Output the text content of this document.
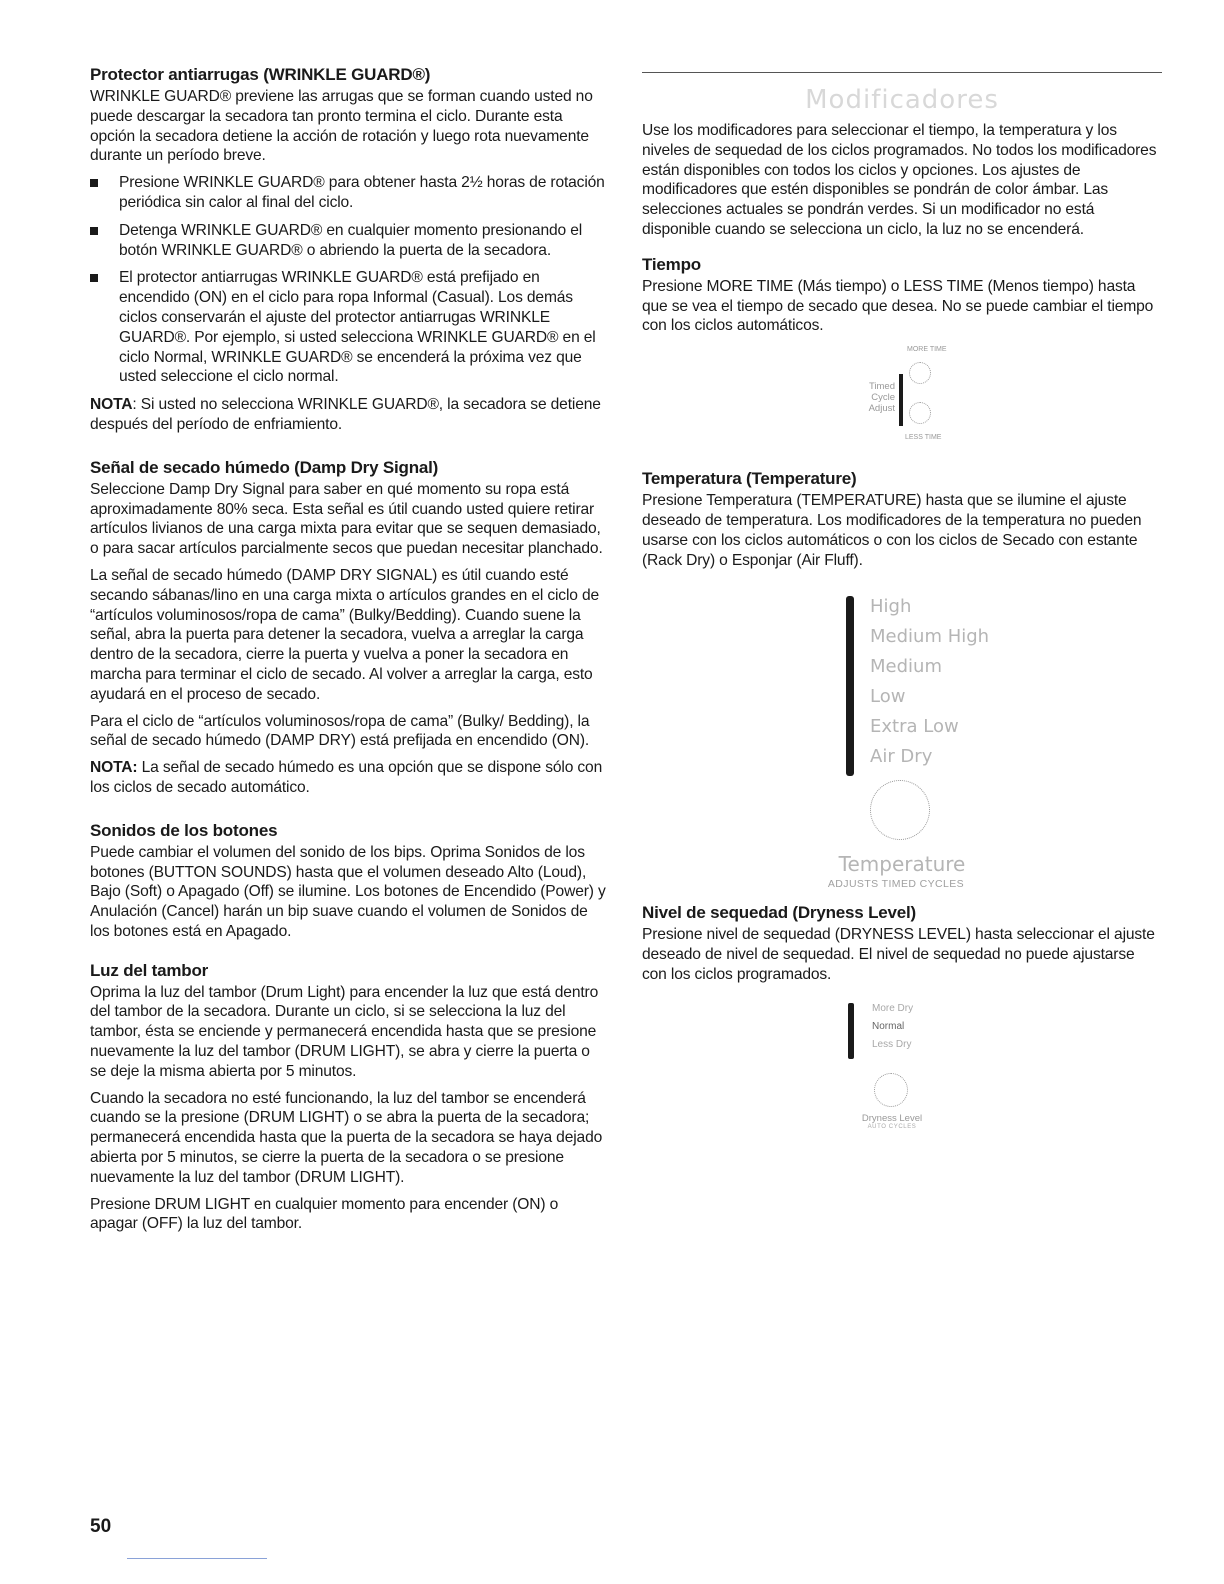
Protector antiarrugas (WRINKLE GUARD®)

WRINKLE GUARD® previene las arrugas que se forman cuando usted no puede descargar la secadora tan pronto termina el ciclo. Durante esta opción la secadora detiene la acción de rotación y luego rota nuevamente durante un período breve.

Presione WRINKLE GUARD® para obtener hasta 2½ horas de rotación periódica sin calor al final del ciclo.
Detenga WRINKLE GUARD® en cualquier momento presionando el botón WRINKLE GUARD® o abriendo la puerta de la secadora.
El protector antiarrugas WRINKLE GUARD® está prefijado en encendido (ON) en el ciclo para ropa Informal (Casual). Los demás ciclos conservarán el ajuste del protector antiarrugas WRINKLE GUARD®. Por ejemplo, si usted selecciona WRINKLE GUARD® en el ciclo Normal, WRINKLE GUARD® se encenderá la próxima vez que usted seleccione el ciclo normal.

NOTA: Si usted no selecciona WRINKLE GUARD®, la secadora se detiene después del período de enfriamiento.

Señal de secado húmedo (Damp Dry Signal)

Seleccione Damp Dry Signal para saber en qué momento su ropa está aproximadamente 80% seca. Esta señal es útil cuando usted quiere retirar artículos livianos de una carga mixta para evitar que se sequen demasiado, o para sacar artículos parcialmente secos que puedan necesitar planchado.

La señal de secado húmedo (DAMP DRY SIGNAL) es útil cuando esté secando sábanas/lino en una carga mixta o artículos grandes en el ciclo de “artículos voluminosos/ropa de cama” (Bulky/Bedding). Cuando suene la señal, abra la puerta para detener la secadora, vuelva a arreglar la carga dentro de la secadora, cierre la puerta y vuelva a poner la secadora en marcha para terminar el ciclo de secado. Al volver a arreglar la carga, esto ayudará en el proceso de secado.

Para el ciclo de “artículos voluminosos/ropa de cama” (Bulky/ Bedding), la señal de secado húmedo (DAMP DRY) está prefijada en encendido (ON).

NOTA: La señal de secado húmedo es una opción que se dispone sólo con los ciclos de secado automático.

Sonidos de los botones

Puede cambiar el volumen del sonido de los bips. Oprima Sonidos de los botones (BUTTON SOUNDS) hasta que el volumen deseado Alto (Loud), Bajo (Soft) o Apagado (Off) se ilumine. Los botones de Encendido (Power) y Anulación (Cancel) harán un bip suave cuando el volumen de Sonidos de los botones está en Apagado.

Luz del tambor

Oprima la luz del tambor (Drum Light) para encender la luz que está dentro del tambor de la secadora. Durante un ciclo, si se selecciona la luz del tambor, ésta se enciende y permanecerá encendida hasta que se presione nuevamente la luz del tambor (DRUM LIGHT), se abra y cierre la puerta o se deje la misma abierta por 5 minutos.

Cuando la secadora no esté funcionando, la luz del tambor se encenderá cuando se la presione (DRUM LIGHT) o se abra la puerta de la secadora; permanecerá encendida hasta que la puerta de la secadora se haya dejado abierta por 5 minutos, se cierre la puerta de la secadora o se presione nuevamente la luz del tambor (DRUM LIGHT).

Presione DRUM LIGHT en cualquier momento para encender (ON) o apagar (OFF) la luz del tambor.

Modificadores

Use los modificadores para seleccionar el tiempo, la temperatura y los niveles de sequedad de los ciclos programados. No todos los modificadores están disponibles con todos los ciclos y opciones. Los ajustes de modificadores que estén disponibles se pondrán de color ámbar. Las selecciones actuales se pondrán verdes. Si un modificador no está disponible cuando se selecciona un ciclo, la luz no se encenderá.

Tiempo

Presione MORE TIME (Más tiempo) o LESS TIME (Menos tiempo) hasta que se vea el tiempo de secado que desea. No se puede cambiar el tiempo con los ciclos automáticos.

MORE TIME
Timed
Cycle
Adjust
LESS TIME
Temperatura (Temperature)

Presione Temperatura (TEMPERATURE) hasta que se ilumine el ajuste deseado de temperatura. Los modificadores de la temperatura no pueden usarse con los ciclos automáticos o con los ciclos de Secado con estante (Rack Dry) o Esponjar (Air Fluff).

High
Medium High
Medium
Low
Extra Low
Air Dry
Temperature
ADJUSTS TIMED CYCLES
Nivel de sequedad (Dryness Level)

Presione nivel de sequedad (DRYNESS LEVEL) hasta seleccionar el ajuste deseado de nivel de sequedad. El nivel de sequedad no puede ajustarse con los ciclos programados.

More Dry
Normal
Less Dry
Dryness Level
AUTO CYCLES
50
